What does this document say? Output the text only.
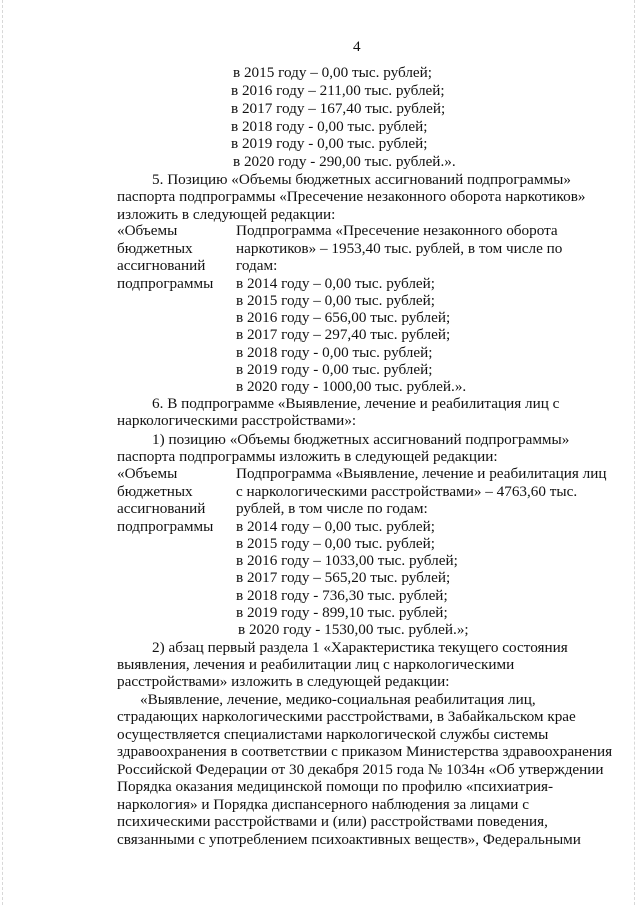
4
в 2015 году – 0,00 тыс. рублей;
в 2016 году – 211,00 тыс. рублей;
в 2017 году – 167,40 тыс. рублей;
в 2018 году - 0,00 тыс. рублей;
в 2019 году - 0,00 тыс. рублей;
в 2020 году - 290,00 тыс. рублей.».
5. Позицию «Объемы бюджетных ассигнований подпрограммы»
паспорта подпрограммы «Пресечение незаконного оборота наркотиков»
изложить в следующей редакции:
«Объемы
бюджетных
ассигнований
подпрограммы
Подпрограмма «Пресечение незаконного оборота
наркотиков» – 1953,40 тыс. рублей, в том числе по
годам:
в 2014 году – 0,00 тыс. рублей;
в 2015 году – 0,00 тыс. рублей;
в 2016 году – 656,00 тыс. рублей;
в 2017 году – 297,40 тыс. рублей;
в 2018 году - 0,00 тыс. рублей;
в 2019 году - 0,00 тыс. рублей;
в 2020 году - 1000,00 тыс. рублей.».
6. В подпрограмме «Выявление, лечение и реабилитация лиц с
наркологическими расстройствами»:
1) позицию «Объемы бюджетных ассигнований подпрограммы»
паспорта подпрограммы изложить в следующей редакции:
«Объемы
бюджетных
ассигнований
подпрограммы
Подпрограмма «Выявление, лечение и реабилитация лиц
с наркологическими расстройствами» – 4763,60 тыс.
рублей, в том числе по годам:
в 2014 году – 0,00 тыс. рублей;
в 2015 году – 0,00 тыс. рублей;
в 2016 году – 1033,00 тыс. рублей;
в 2017 году – 565,20 тыс. рублей;
в 2018 году - 736,30 тыс. рублей;
в 2019 году - 899,10 тыс. рублей;
в 2020 году - 1530,00 тыс. рублей.»;
2) абзац первый раздела 1 «Характеристика текущего состояния
выявления, лечения и реабилитации лиц с наркологическими
расстройствами» изложить в следующей редакции:
«Выявление, лечение, медико-социальная реабилитация лиц,
страдающих наркологическими расстройствами, в Забайкальском крае
осуществляется специалистами наркологической службы системы
здравоохранения в соответствии с приказом Министерства здравоохранения
Российской Федерации от 30 декабря 2015 года № 1034н «Об утверждении
Порядка оказания медицинской помощи по профилю «психиатрия-
наркология» и Порядка диспансерного наблюдения за лицами с
психическими расстройствами и (или) расстройствами поведения,
связанными с употреблением психоактивных веществ», Федеральными
